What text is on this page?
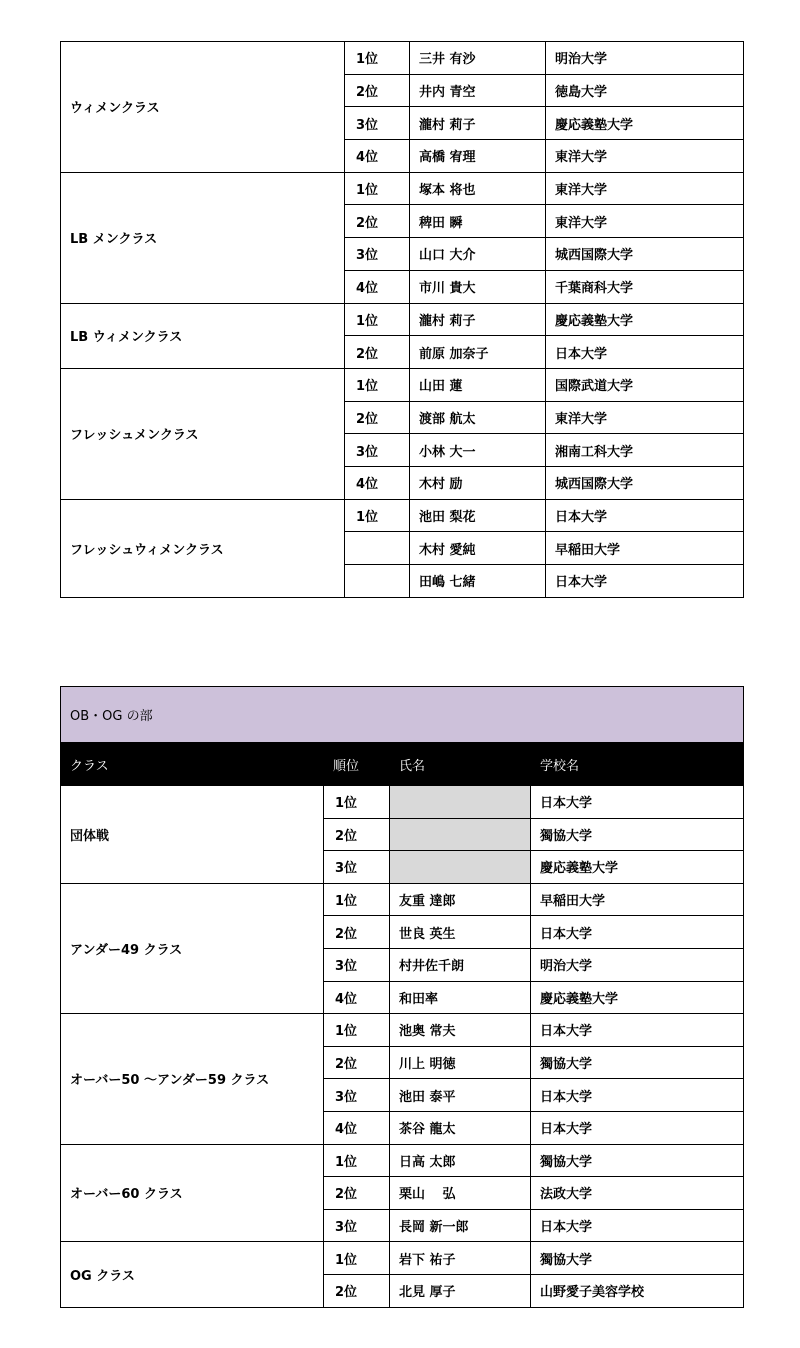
ウィメンクラス	1位	三井 有沙	明治大学
	2位	井内 青空	徳島大学
	3位	瀧村 莉子	慶応義塾大学
	4位	高橋 宥理	東洋大学
LB メンクラス	1位	塚本 将也	東洋大学
	2位	稗田 瞬	東洋大学
	3位	山口 大介	城西国際大学
	4位	市川 貴大	千葉商科大学
LB ウィメンクラス	1位	瀧村 莉子	慶応義塾大学
	2位	前原 加奈子	日本大学
フレッシュメンクラス	1位	山田 蓮	国際武道大学
	2位	渡部 航太	東洋大学
	3位	小林 大一	湘南工科大学
	4位	木村 励	城西国際大学
フレッシュウィメンクラス	1位	池田 梨花	日本大学
		木村 愛純	早稲田大学
		田嶋 七緒	日本大学
OB・OG の部			
クラス	順位	氏名	学校名
団体戦	1位		日本大学
	2位		獨協大学
	3位		慶応義塾大学
アンダー49 クラス	1位	友重 達郎	早稲田大学
	2位	世良 英生	日本大学
	3位	村井佐千朗	明治大学
	4位	和田率	慶応義塾大学
オーバー50 ～アンダー59 クラス	1位	池奥 常夫	日本大学
	2位	川上 明徳	獨協大学
	3位	池田 泰平	日本大学
	4位	茶谷 龍太	日本大学
オーバー60 クラス	1位	日高 太郎	獨協大学
	2位	栗山　 弘	法政大学
	3位	長岡 新一郎	日本大学
OG クラス	1位	岩下 祐子	獨協大学
	2位	北見 厚子	山野愛子美容学校
